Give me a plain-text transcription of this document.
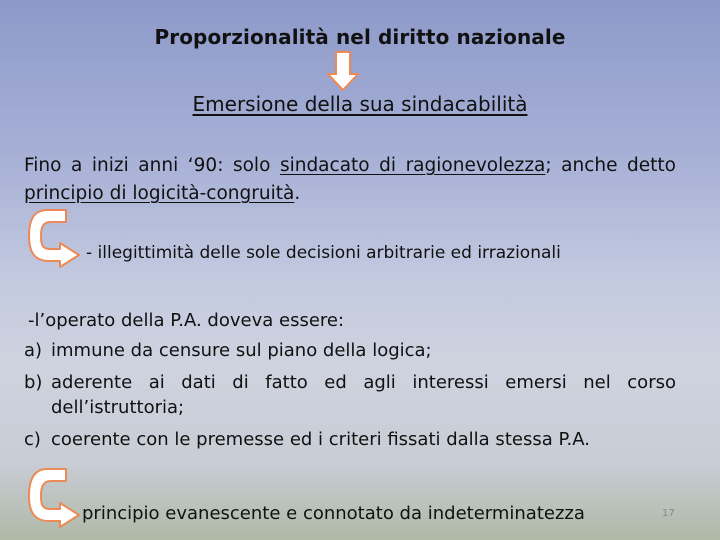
Proporzionalità nel diritto nazionale
Emersione della sua sindacabilità
Fino a inizi anni ‘90: solo sindacato di ragionevolezza; anche detto principio di logicità-congruità.
- illegittimità delle sole decisioni arbitrarie ed irrazionali
-l’operato della P.A. doveva essere:
a) immune da censure sul piano della logica;
b) aderente ai dati di fatto ed agli interessi emersi nel corso dell’istruttoria;
c) coerente con le premesse ed i criteri fissati dalla stessa P.A.
principio evanescente e connotato da indeterminatezza	17
